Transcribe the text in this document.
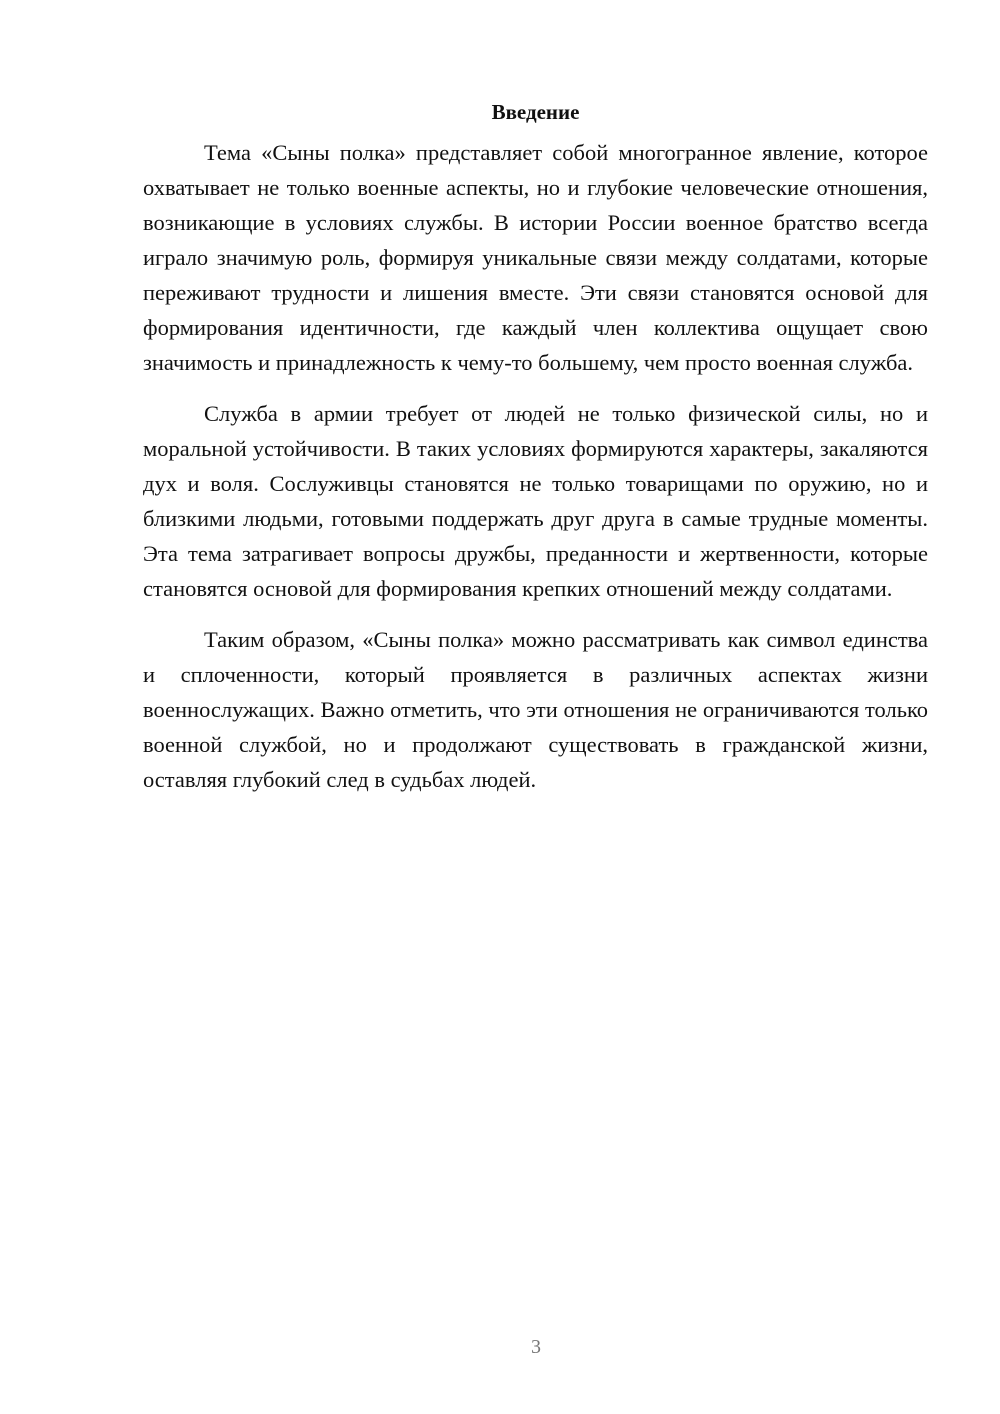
Введение

Тема «Сыны полка» представляет собой многогранное явление, которое охватывает не только военные аспекты, но и глубокие человеческие отношения, возникающие в условиях службы. В истории России военное братство всегда играло значимую роль, формируя уникальные связи между солдатами, которые переживают трудности и лишения вместе. Эти связи становятся основой для формирования идентичности, где каждый член коллектива ощущает свою значимость и принадлежность к чему-то большему, чем просто военная служба.

Служба в армии требует от людей не только физической силы, но и моральной устойчивости. В таких условиях формируются характеры, закаляются дух и воля. Сослуживцы становятся не только товарищами по оружию, но и близкими людьми, готовыми поддержать друг друга в самые трудные моменты. Эта тема затрагивает вопросы дружбы, преданности и жертвенности, которые становятся основой для формирования крепких отношений между солдатами.

Таким образом, «Сыны полка» можно рассматривать как символ единства и сплоченности, который проявляется в различных аспектах жизни военнослужащих. Важно отметить, что эти отношения не ограничиваются только военной службой, но и продолжают существовать в гражданской жизни, оставляя глубокий след в судьбах людей.

3
